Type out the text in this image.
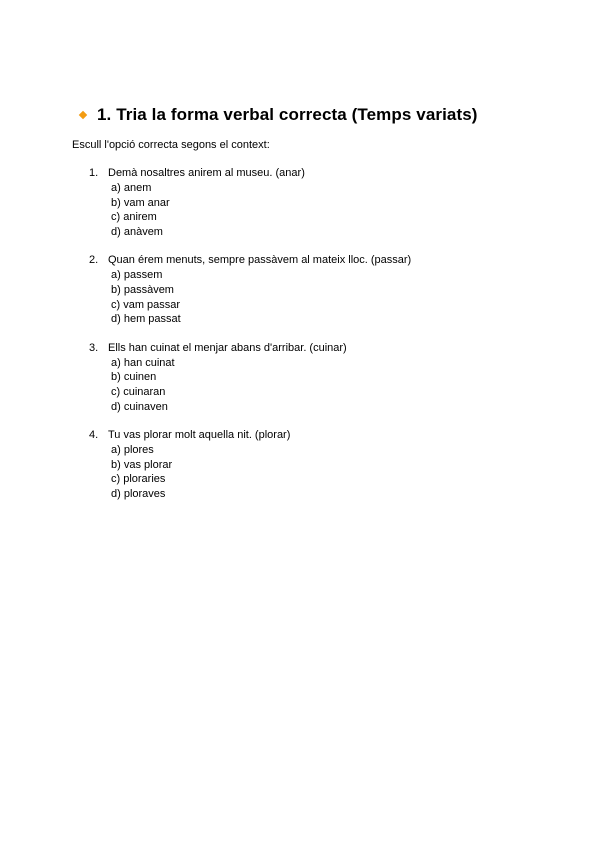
1. Tria la forma verbal correcta (Temps variats)
Escull l'opció correcta segons el context:
1. Demà nosaltres anirem al museu. (anar)
a) anem
b) vam anar
c) anirem
d) anàvem
2. Quan érem menuts, sempre passàvem al mateix lloc. (passar)
a) passem
b) passàvem
c) vam passar
d) hem passat
3. Ells han cuinat el menjar abans d'arribar. (cuinar)
a) han cuinat
b) cuinen
c) cuinaran
d) cuinaven
4. Tu vas plorar molt aquella nit. (plorar)
a) plores
b) vas plorar
c) ploraries
d) ploraves
